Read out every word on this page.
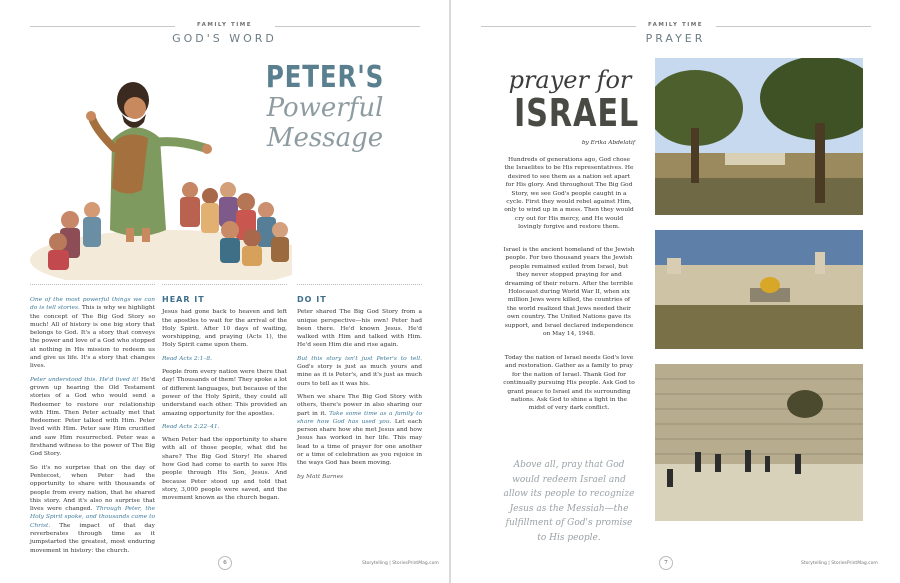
FAMILY TIME
GOD'S WORD
PETER'S
Powerful Message

One of the most powerful things we can do is tell stories. This is why we highlight the concept of The Big God Story so much! All of history is one big story that belongs to God. It's a story that conveys the power and love of a God who stopped at nothing in His mission to redeem us and give us life. It's a story that changes lives.

Peter understood this. He'd lived it! He'd grown up hearing the Old Testament stories of a God who would send a Redeemer to restore our relationship with Him. Then Peter actually met that Redeemer. Peter talked with Him. Peter lived with Him. Peter saw Him crucified and saw Him resurrected. Peter was a firsthand witness to the power of The Big God Story.

So it's no surprise that on the day of Pentecost, when Peter had the opportunity to share with thousands of people from every nation, that he shared this story. And it's also no surprise that lives were changed. Through Peter, the Holy Spirit spoke, and thousands came to Christ. The impact of that day reverberates through time as it jumpstarted the greatest, most enduring movement in history: the church.

HEAR IT

Jesus had gone back to heaven and left the apostles to wait for the arrival of the Holy Spirit. After 10 days of waiting, worshipping, and praying (Acts 1), the Holy Spirit came upon them.

Read Acts 2:1–8.

People from every nation were there that day! Thousands of them! They spoke a lot of different languages, but because of the power of the Holy Spirit, they could all understand each other. This provided an amazing opportunity for the apostles.

Read Acts 2:22–41.

When Peter had the opportunity to share with all of those people, what did he share? The Big God Story! He shared how God had come to earth to save His people through His Son, Jesus. And because Peter stood up and told that story, 3,000 people were saved, and the movement known as the church began.

DO IT

Peter shared The Big God Story from a unique perspective—his own! Peter had been there. He'd known Jesus. He'd walked with Him and talked with Him. He'd seen Him die and rise again.

But this story isn't just Peter's to tell. God's story is just as much yours and mine as it is Peter's, and it's just as much ours to tell as it was his.

When we share The Big God Story with others, there's power in also sharing our part in it. Take some time as a family to share how God has used you. Let each person share how she met Jesus and how Jesus has worked in her life. This may lead to a time of prayer for one another or a time of celebration as you rejoice in the ways God has been moving.

by Matt Barnes

6
FAMILY TIME
PRAYER
7	Storytelling | StoriesPrintMag.com
Storytelling | StoriesPrintMag.com
prayer for
ISRAEL
by Erika Abdelatif
Hundreds of generations ago, God chose the Israelites to be His representatives. He desired to see them as a nation set apart for His glory. And throughout The Big God Story, we see God's people caught in a cycle. First they would rebel against Him, only to wind up in a mess. Then they would cry out for His mercy, and He would lovingly forgive and restore them.
Israel is the ancient homeland of the Jewish people. For two thousand years the Jewish people remained exiled from Israel, but they never stopped praying for and dreaming of their return. After the terrible Holocaust during World War II, when six million Jews were killed, the countries of the world realized that Jews needed their own country. The United Nations gave its support, and Israel declared independence on May 14, 1948.
Today the nation of Israel needs God's love and restoration. Gather as a family to pray for the nation of Israel. Thank God for continually pursuing His people. Ask God to grant peace to Israel and its surrounding nations. Ask God to shine a light in the midst of very dark conflict.
Above all, pray that God would redeem Israel and allow its people to recognize Jesus as the Messiah—the fulfillment of God's promise to His people.
